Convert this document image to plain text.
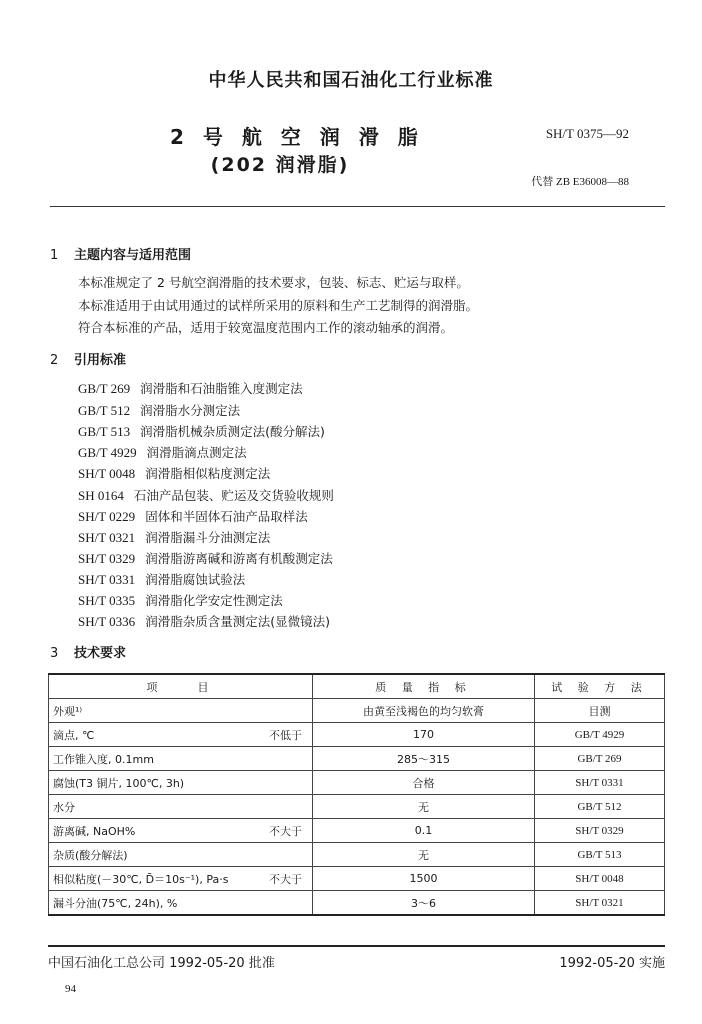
中华人民共和国石油化工行业标准
2 号 航 空 润 滑 脂
(202 润滑脂)
SH/T 0375—92
代替 ZB E36008—88
1 主题内容与适用范围
本标准规定了 2 号航空润滑脂的技术要求，包装、标志、贮运与取样。
本标准适用于由试用通过的试样所采用的原料和生产工艺制得的润滑脂。
符合本标准的产品，适用于较宽温度范围内工作的滚动轴承的润滑。
2 引用标准
GB/T 269 润滑脂和石油脂锥入度测定法
GB/T 512 润滑脂水分测定法
GB/T 513 润滑脂机械杂质测定法(酸分解法)
GB/T 4929 润滑脂滴点测定法
SH/T 0048 润滑脂相似粘度测定法
SH 0164 石油产品包装、贮运及交货验收规则
SH/T 0229 固体和半固体石油产品取样法
SH/T 0321 润滑脂漏斗分油测定法
SH/T 0329 润滑脂游离碱和游离有机酸测定法
SH/T 0331 润滑脂腐蚀试验法
SH/T 0335 润滑脂化学安定性测定法
SH/T 0336 润滑脂杂质含量测定法(显微镜法)
3 技术要求
项　　目	质 量 指 标	试 验 方 法
外观¹⁾	由黄至浅褐色的均匀软膏	目测
滴点, ℃ 不低于	170	GB/T 4929
工作锥入度, 0.1mm	285～315	GB/T 269
腐蚀(T3 铜片, 100℃, 3h)	合格	SH/T 0331
水分	无	GB/T 512
游离碱, NaOH% 不大于	0.1	SH/T 0329
杂质(酸分解法)	无	GB/T 513
相似粘度(－30℃, D̄＝10s⁻¹), Pa·s 不大于	1500	SH/T 0048
漏斗分油(75℃, 24h), %	3～6	SH/T 0321
中国石油化工总公司 1992-05-20 批准	1992-05-20 实施
94
